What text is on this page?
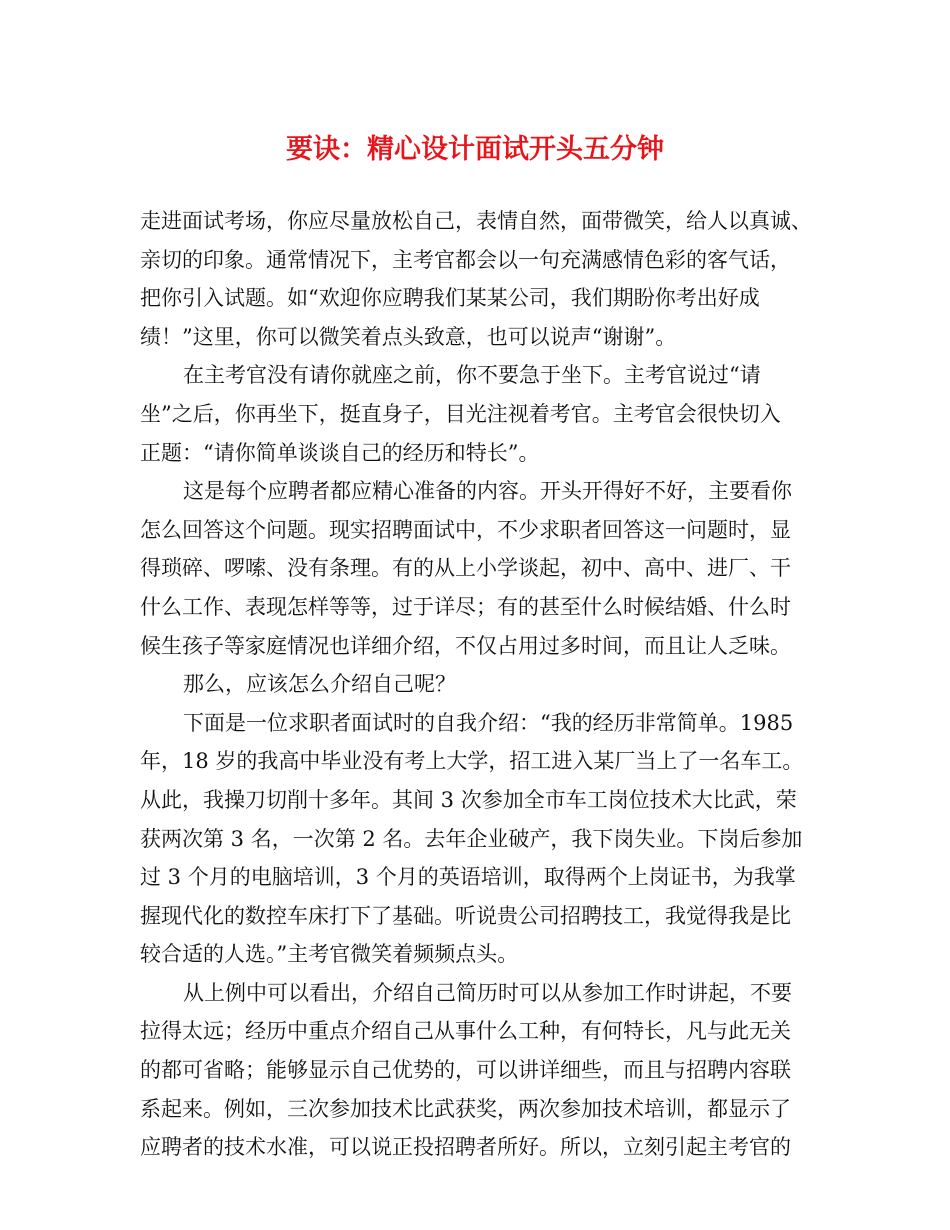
要诀：精心设计面试开头五分钟
走进面试考场，你应尽量放松自己，表情自然，面带微笑，给人以真诚、
亲切的印象。通常情况下，主考官都会以一句充满感情色彩的客气话，
把你引入试题。如“欢迎你应聘我们某某公司，我们期盼你考出好成
绩！”这里，你可以微笑着点头致意，也可以说声“谢谢”。
在主考官没有请你就座之前，你不要急于坐下。主考官说过“请
坐”之后，你再坐下，挺直身子，目光注视着考官。主考官会很快切入
正题：“请你简单谈谈自己的经历和特长”。
这是每个应聘者都应精心准备的内容。开头开得好不好，主要看你
怎么回答这个问题。现实招聘面试中，不少求职者回答这一问题时，显
得琐碎、啰嗦、没有条理。有的从上小学谈起，初中、高中、进厂、干
什么工作、表现怎样等等，过于详尽；有的甚至什么时候结婚、什么时
候生孩子等家庭情况也详细介绍，不仅占用过多时间，而且让人乏味。
那么，应该怎么介绍自己呢？
下面是一位求职者面试时的自我介绍：“我的经历非常简单。1985
年，18 岁的我高中毕业没有考上大学，招工进入某厂当上了一名车工。
从此，我操刀切削十多年。其间 3 次参加全市车工岗位技术大比武，荣
获两次第 3 名，一次第 2 名。去年企业破产，我下岗失业。下岗后参加
过 3 个月的电脑培训，3 个月的英语培训，取得两个上岗证书，为我掌
握现代化的数控车床打下了基础。听说贵公司招聘技工，我觉得我是比
较合适的人选。”主考官微笑着频频点头。
从上例中可以看出，介绍自己简历时可以从参加工作时讲起，不要
拉得太远；经历中重点介绍自己从事什么工种，有何特长，凡与此无关
的都可省略；能够显示自己优势的，可以讲详细些，而且与招聘内容联
系起来。例如，三次参加技术比武获奖，两次参加技术培训，都显示了
应聘者的技术水准，可以说正投招聘者所好。所以，立刻引起主考官的
